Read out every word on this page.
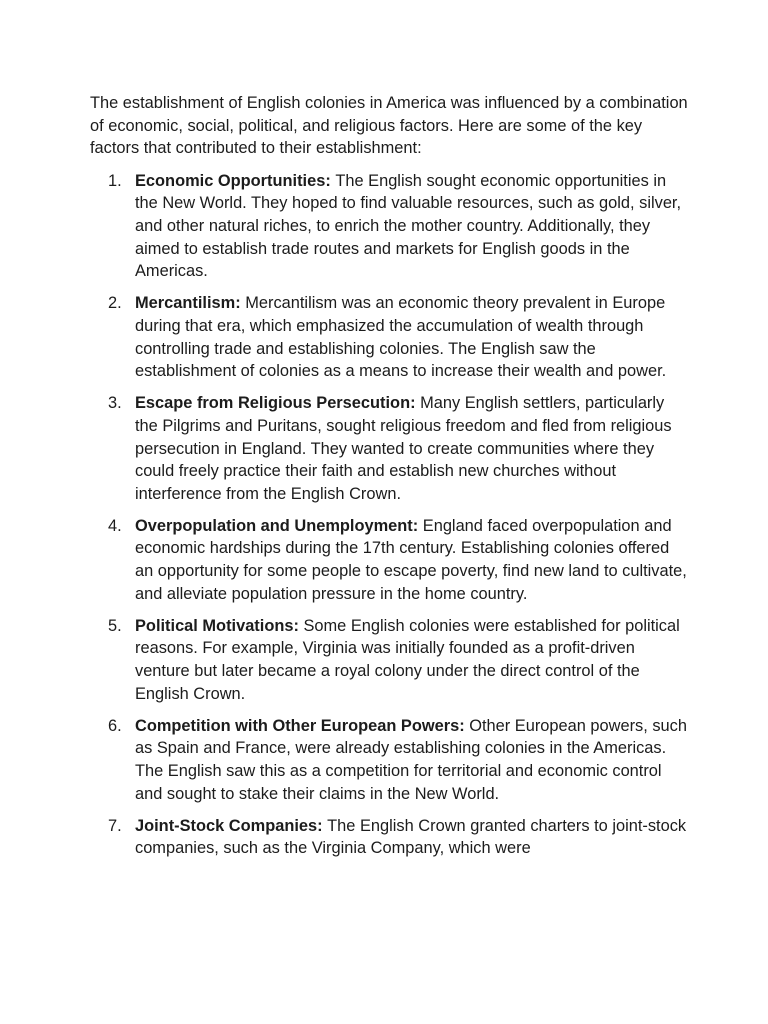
The establishment of English colonies in America was influenced by a combination of economic, social, political, and religious factors. Here are some of the key factors that contributed to their establishment:

1. Economic Opportunities: The English sought economic opportunities in the New World. They hoped to find valuable resources, such as gold, silver, and other natural riches, to enrich the mother country. Additionally, they aimed to establish trade routes and markets for English goods in the Americas.
2. Mercantilism: Mercantilism was an economic theory prevalent in Europe during that era, which emphasized the accumulation of wealth through controlling trade and establishing colonies. The English saw the establishment of colonies as a means to increase their wealth and power.
3. Escape from Religious Persecution: Many English settlers, particularly the Pilgrims and Puritans, sought religious freedom and fled from religious persecution in England. They wanted to create communities where they could freely practice their faith and establish new churches without interference from the English Crown.
4. Overpopulation and Unemployment: England faced overpopulation and economic hardships during the 17th century. Establishing colonies offered an opportunity for some people to escape poverty, find new land to cultivate, and alleviate population pressure in the home country.
5. Political Motivations: Some English colonies were established for political reasons. For example, Virginia was initially founded as a profit-driven venture but later became a royal colony under the direct control of the English Crown.
6. Competition with Other European Powers: Other European powers, such as Spain and France, were already establishing colonies in the Americas. The English saw this as a competition for territorial and economic control and sought to stake their claims in the New World.
7. Joint-Stock Companies: The English Crown granted charters to joint-stock companies, such as the Virginia Company, which were
